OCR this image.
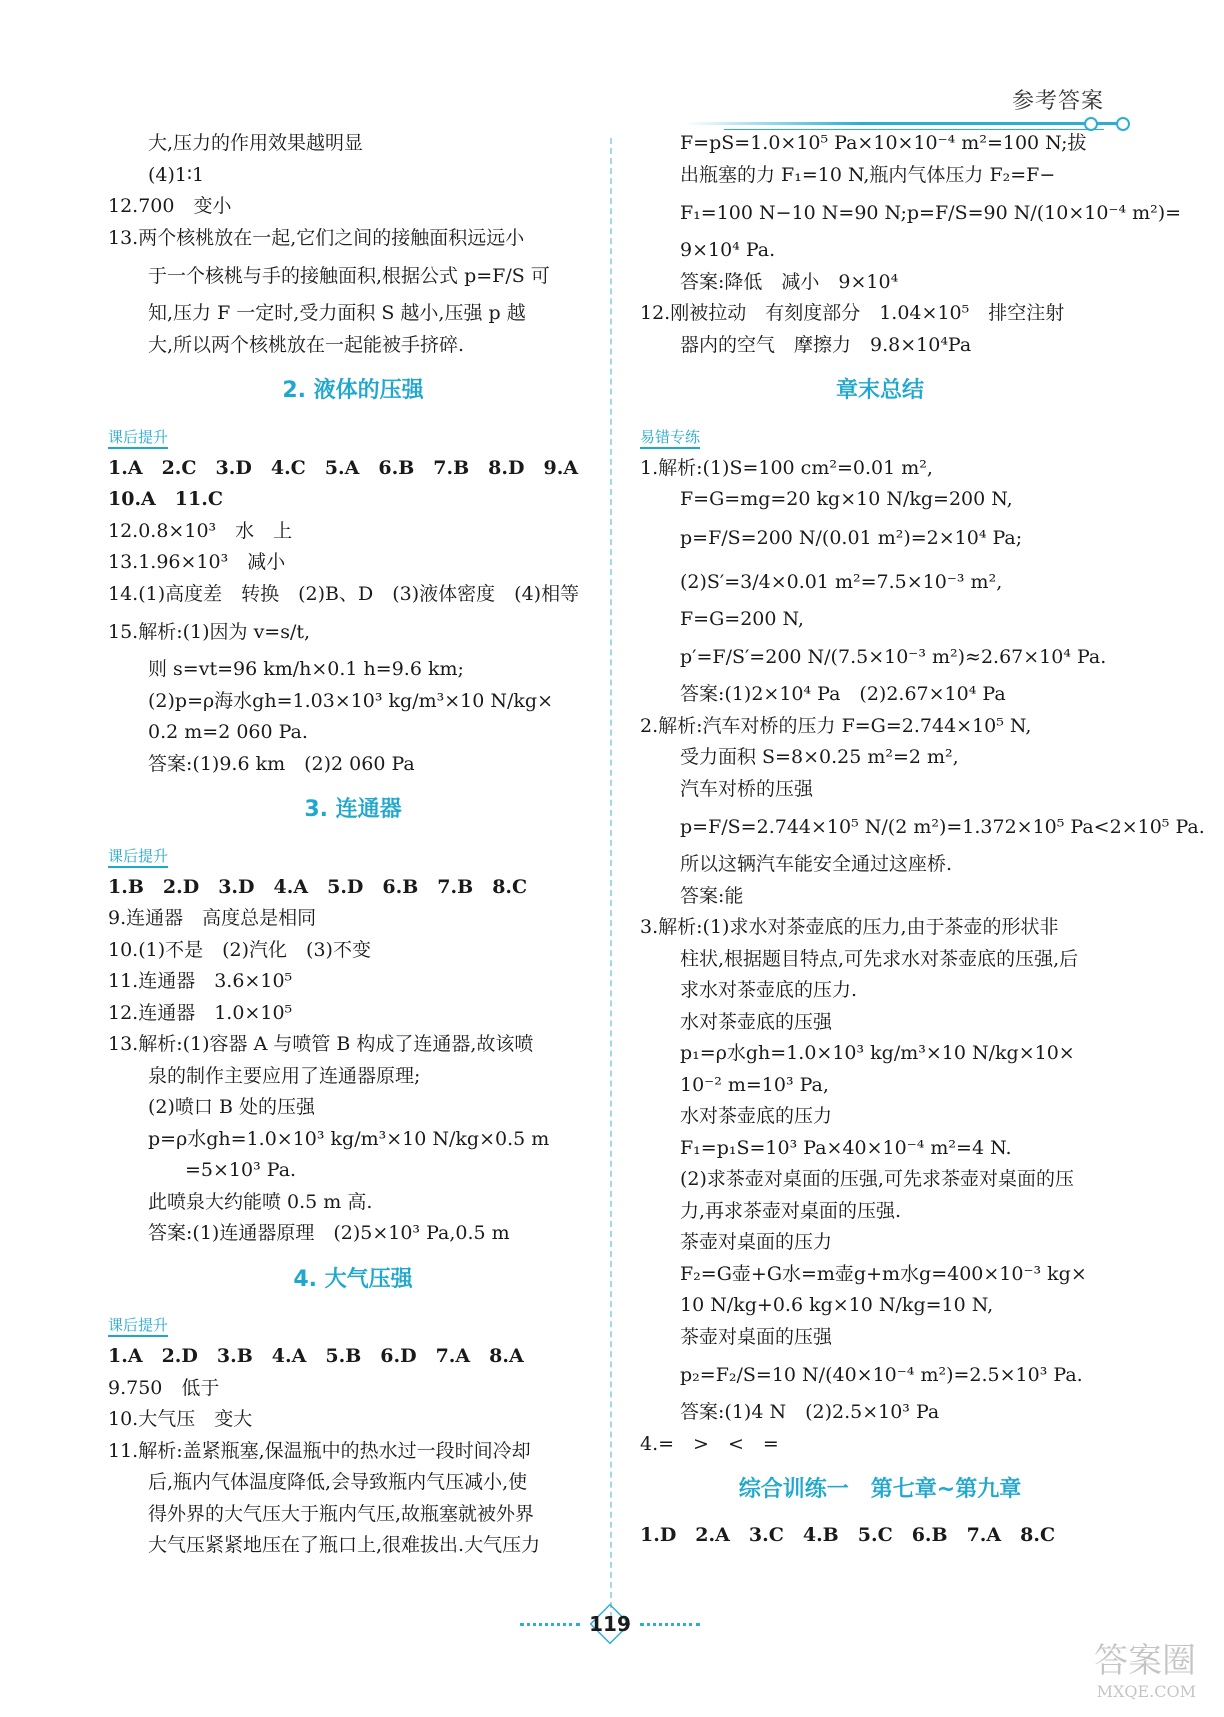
参考答案
大,压力的作用效果越明显
(4)1∶1
12.700　变小
13.两个核桃放在一起,它们之间的接触面积远远小
于一个核桃与手的接触面积,根据公式 p=F/S 可
知,压力 F 一定时,受力面积 S 越小,压强 p 越
大,所以两个核桃放在一起能被手挤碎.
2. 液体的压强
课后提升

1.A　2.C　3.D　4.C　5.A　6.B　7.B　8.D　9.A
10.A　11.C
12.0.8×10³　水　上
13.1.96×10³　减小
14.(1)高度差　转换　(2)B、D　(3)液体密度　(4)相等
15.解析:(1)因为 v=s/t,
则 s=vt=96 km/h×0.1 h=9.6 km;
(2)p=ρ海水gh=1.03×10³ kg/m³×10 N/kg×
0.2 m=2 060 Pa.
答案:(1)9.6 km　(2)2 060 Pa
3. 连通器
课后提升

1.B　2.D　3.D　4.A　5.D　6.B　7.B　8.C
9.连通器　高度总是相同
10.(1)不是　(2)汽化　(3)不变
11.连通器　3.6×10⁵
12.连通器　1.0×10⁵
13.解析:(1)容器 A 与喷管 B 构成了连通器,故该喷
泉的制作主要应用了连通器原理;
(2)喷口 B 处的压强
p=ρ水gh=1.0×10³ kg/m³×10 N/kg×0.5 m
　=5×10³ Pa.
此喷泉大约能喷 0.5 m 高.
答案:(1)连通器原理　(2)5×10³ Pa,0.5 m
4. 大气压强
课后提升

1.A　2.D　3.B　4.A　5.B　6.D　7.A　8.A
9.750　低于
10.大气压　变大
11.解析:盖紧瓶塞,保温瓶中的热水过一段时间冷却
后,瓶内气体温度降低,会导致瓶内气压减小,使
得外界的大气压大于瓶内气压,故瓶塞就被外界
大气压紧紧地压在了瓶口上,很难拔出.大气压力
F=pS=1.0×10⁵ Pa×10×10⁻⁴ m²=100 N;拔
出瓶塞的力 F₁=10 N,瓶内气体压力 F₂=F−
F₁=100 N−10 N=90 N;p=F/S=90 N/(10×10⁻⁴ m²)=
9×10⁴ Pa.
答案:降低　减小　9×10⁴
12.刚被拉动　有刻度部分　1.04×10⁵　排空注射
器内的空气　摩擦力　9.8×10⁴Pa
章末总结
易错专练

1.解析:(1)S=100 cm²=0.01 m²,
F=G=mg=20 kg×10 N/kg=200 N,
p=F/S=200 N/(0.01 m²)=2×10⁴ Pa;
(2)S′=3/4×0.01 m²=7.5×10⁻³ m²,
F=G=200 N,
p′=F/S′=200 N/(7.5×10⁻³ m²)≈2.67×10⁴ Pa.
答案:(1)2×10⁴ Pa　(2)2.67×10⁴ Pa
2.解析:汽车对桥的压力 F=G=2.744×10⁵ N,
受力面积 S=8×0.25 m²=2 m²,
汽车对桥的压强
p=F/S=2.744×10⁵ N/(2 m²)=1.372×10⁵ Pa<2×10⁵ Pa.
所以这辆汽车能安全通过这座桥.
答案:能
3.解析:(1)求水对茶壶底的压力,由于茶壶的形状非
柱状,根据题目特点,可先求水对茶壶底的压强,后
求水对茶壶底的压力.
水对茶壶底的压强
p₁=ρ水gh=1.0×10³ kg/m³×10 N/kg×10×
10⁻² m=10³ Pa,
水对茶壶底的压力
F₁=p₁S=10³ Pa×40×10⁻⁴ m²=4 N.
(2)求茶壶对桌面的压强,可先求茶壶对桌面的压
力,再求茶壶对桌面的压强.
茶壶对桌面的压力
F₂=G壶+G水=m壶g+m水g=400×10⁻³ kg×
10 N/kg+0.6 kg×10 N/kg=10 N,
茶壶对桌面的压强
p₂=F₂/S=10 N/(40×10⁻⁴ m²)=2.5×10³ Pa.
答案:(1)4 N　(2)2.5×10³ Pa
4.=　>　<　=
综合训练一　第七章~第九章
1.D　2.A　3.C　4.B　5.C　6.B　7.A　8.C
119
答案圈
MXQE.COM
